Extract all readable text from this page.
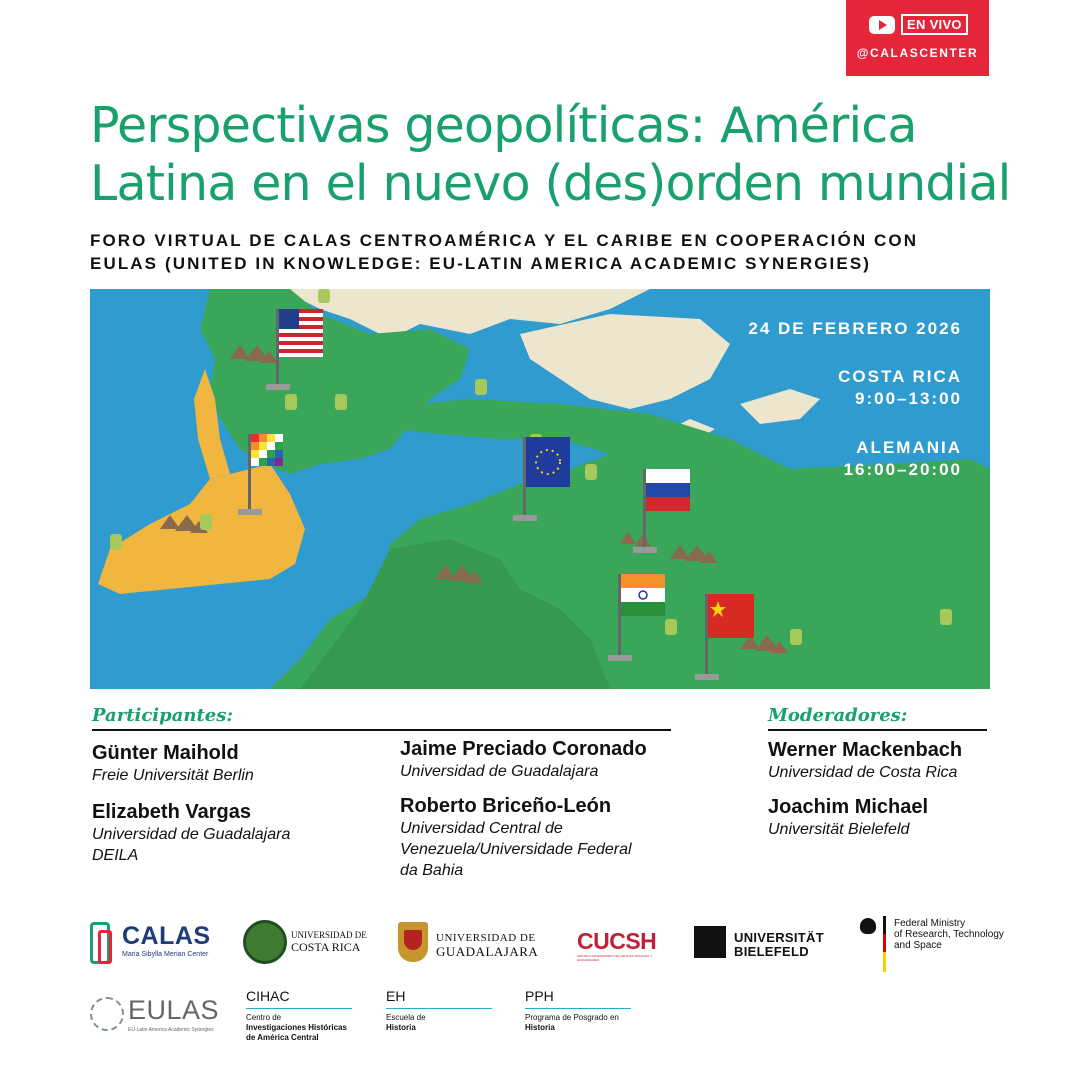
EN VIVO
@CALASCENTER
Perspectivas geopolíticas: América
Latina en el nuevo (des)orden mundial
FORO VIRTUAL DE CALAS CENTROAMÉRICA Y EL CARIBE EN COOPERACIÓN CON
EULAS (UNITED IN KNOWLEDGE: EU-LATIN AMERICA ACADEMIC SYNERGIES)
24 DE FEBRERO 2026
COSTA RICA
9:00–13:00
ALEMANIA
16:00–20:00
Participantes:
Günter Maihold
Freie Universität Berlin
Elizabeth Vargas
Universidad de Guadalajara
DEILA
Jaime Preciado Coronado
Universidad de Guadalajara
Roberto Briceño-León
Universidad Central de
Venezuela/Universidade Federal
da Bahia
Moderadores:
Werner Mackenbach
Universidad de Costa Rica
Joachim Michael
Universität Bielefeld
CALAS
Maria Sibylla Merian Center
UNIVERSIDAD DE
COSTA RICA
UNIVERSIDAD DE
GUADALAJARA CUCSH
CENTRO UNIVERSITARIO DE CIENCIAS SOCIALES Y HUMANIDADES
UNIVERSITÄT
BIELEFELD
Federal Ministry
of Research, Technology
and Space
EULAS
EU-Latin America Academic Synergies
CIHAC
Centro de
Investigaciones Históricas
de América Central
EH
Escuela de
Historia
PPH
Programa de Posgrado en
Historia
